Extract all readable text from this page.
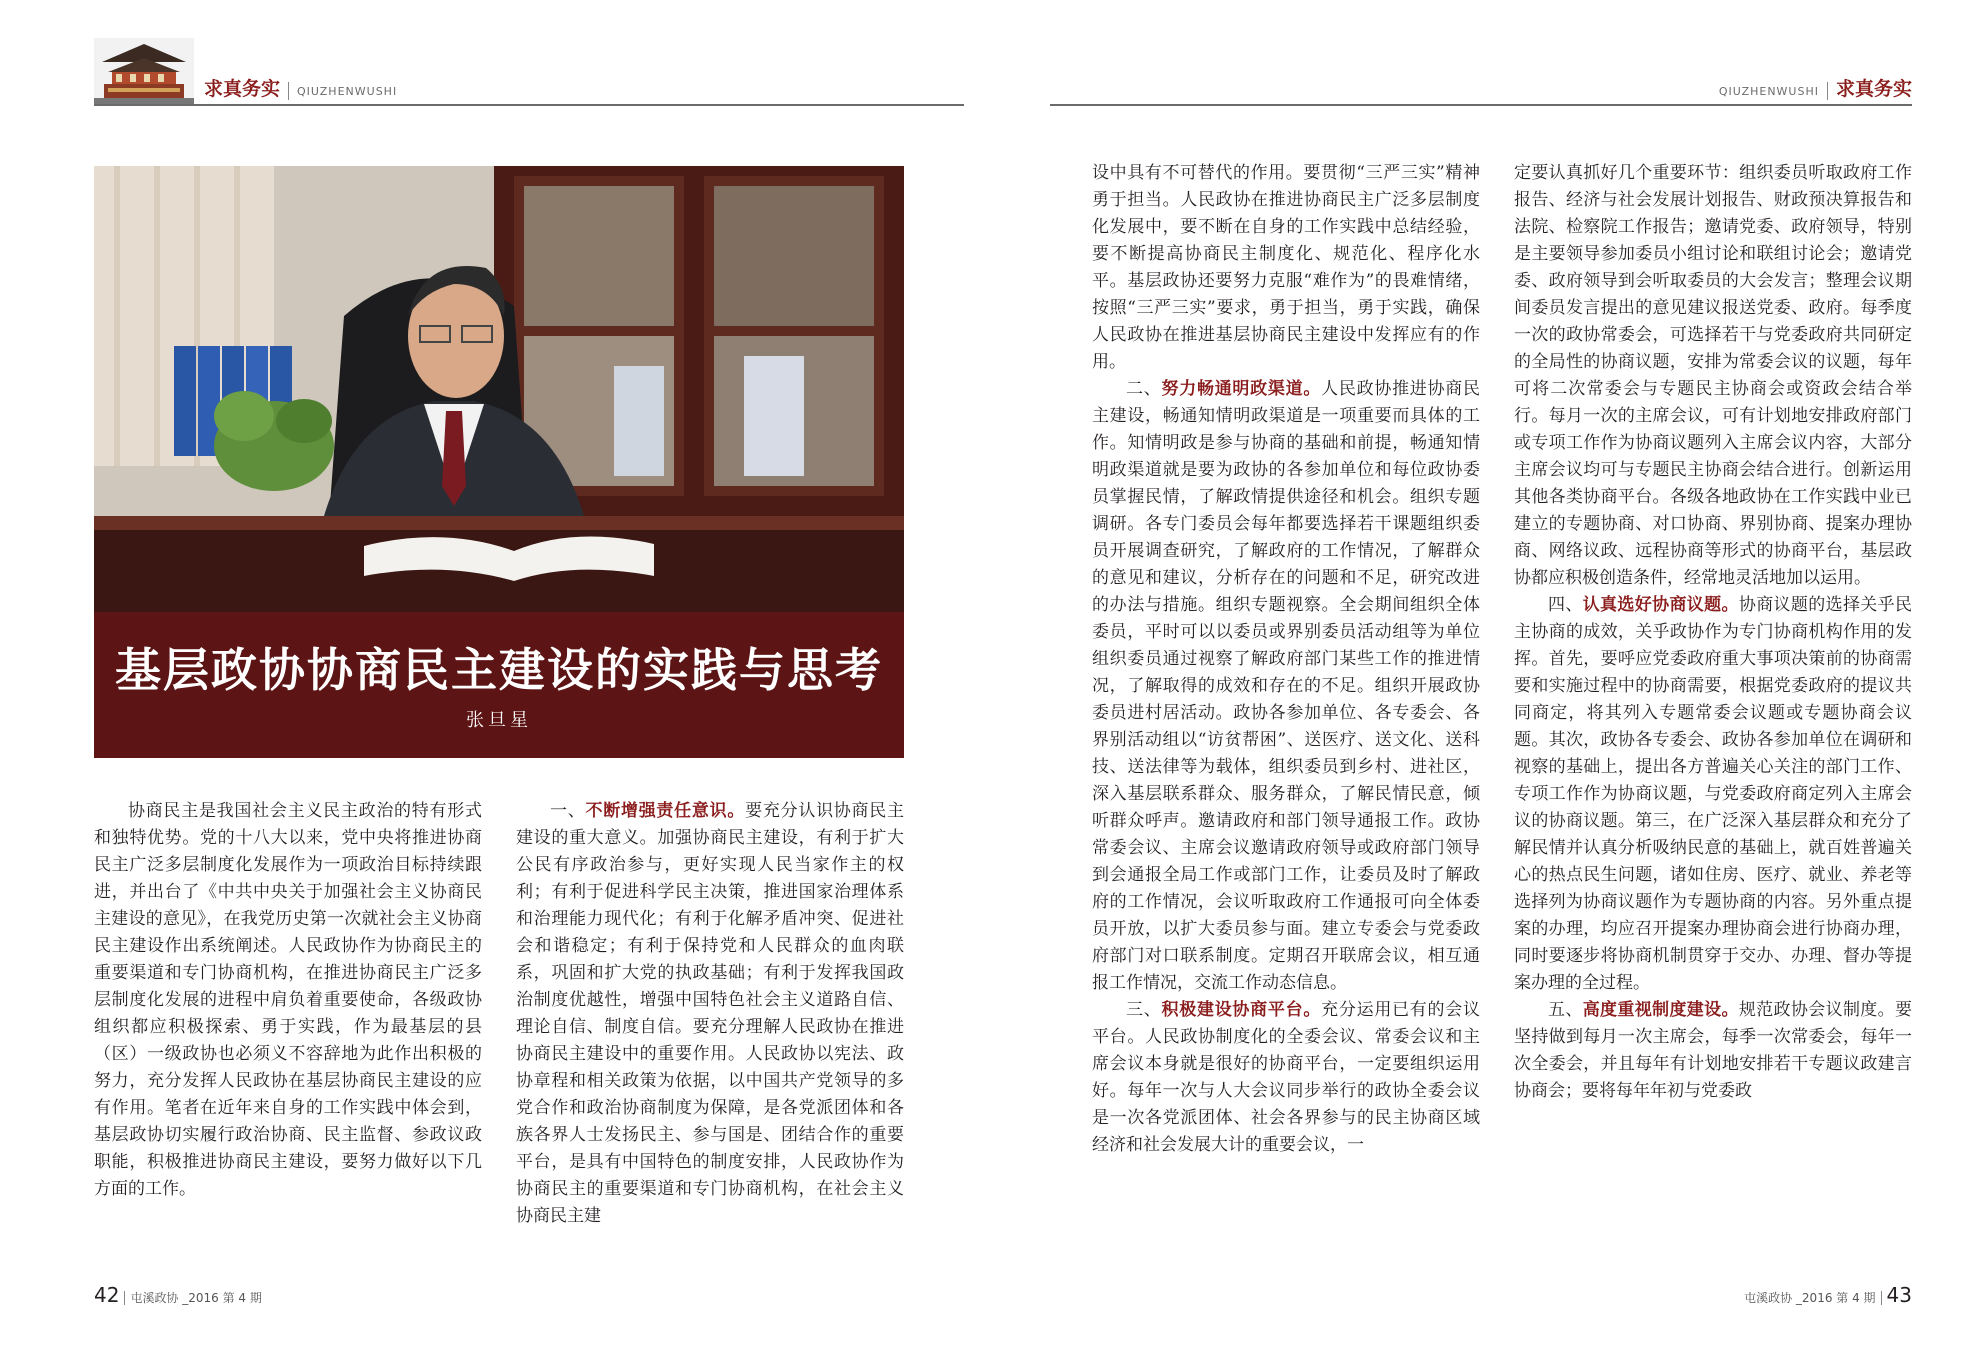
求真务实 QIUZHENWUSHI	QIUZHENWUSHI 求真务实
基层政协协商民主建设的实践与思考
张旦星

协商民主是我国社会主义民主政治的特有形式和独特优势。党的十八大以来，党中央将推进协商民主广泛多层制度化发展作为一项政治目标持续跟进，并出台了《中共中央关于加强社会主义协商民主建设的意见》，在我党历史第一次就社会主义协商民主建设作出系统阐述。人民政协作为协商民主的重要渠道和专门协商机构，在推进协商民主广泛多层制度化发展的进程中肩负着重要使命，各级政协组织都应积极探索、勇于实践，作为最基层的县（区）一级政协也必须义不容辞地为此作出积极的努力，充分发挥人民政协在基层协商民主建设的应有作用。笔者在近年来自身的工作实践中体会到，基层政协切实履行政治协商、民主监督、参政议政职能，积极推进协商民主建设，要努力做好以下几方面的工作。

一、不断增强责任意识。要充分认识协商民主建设的重大意义。加强协商民主建设，有利于扩大公民有序政治参与，更好实现人民当家作主的权利；有利于促进科学民主决策，推进国家治理体系和治理能力现代化；有利于化解矛盾冲突、促进社会和谐稳定；有利于保持党和人民群众的血肉联系，巩固和扩大党的执政基础；有利于发挥我国政治制度优越性，增强中国特色社会主义道路自信、理论自信、制度自信。要充分理解人民政协在推进协商民主建设中的重要作用。人民政协以宪法、政协章程和相关政策为依据，以中国共产党领导的多党合作和政治协商制度为保障，是各党派团体和各族各界人士发扬民主、参与国是、团结合作的重要平台，是具有中国特色的制度安排，人民政协作为协商民主的重要渠道和专门协商机构，在社会主义协商民主建

设中具有不可替代的作用。要贯彻“三严三实”精神勇于担当。人民政协在推进协商民主广泛多层制度化发展中，要不断在自身的工作实践中总结经验，要不断提高协商民主制度化、规范化、程序化水平。基层政协还要努力克服“难作为”的畏难情绪，按照“三严三实”要求，勇于担当，勇于实践，确保人民政协在推进基层协商民主建设中发挥应有的作用。

二、努力畅通明政渠道。人民政协推进协商民主建设，畅通知情明政渠道是一项重要而具体的工作。知情明政是参与协商的基础和前提，畅通知情明政渠道就是要为政协的各参加单位和每位政协委员掌握民情，了解政情提供途径和机会。组织专题调研。各专门委员会每年都要选择若干课题组织委员开展调查研究，了解政府的工作情况，了解群众的意见和建议，分析存在的问题和不足，研究改进的办法与措施。组织专题视察。全会期间组织全体委员，平时可以以委员或界别委员活动组等为单位组织委员通过视察了解政府部门某些工作的推进情况，了解取得的成效和存在的不足。组织开展政协委员进村居活动。政协各参加单位、各专委会、各界别活动组以“访贫帮困”、送医疗、送文化、送科技、送法律等为载体，组织委员到乡村、进社区，深入基层联系群众、服务群众，了解民情民意，倾听群众呼声。邀请政府和部门领导通报工作。政协常委会议、主席会议邀请政府领导或政府部门领导到会通报全局工作或部门工作，让委员及时了解政府的工作情况，会议听取政府工作通报可向全体委员开放，以扩大委员参与面。建立专委会与党委政府部门对口联系制度。定期召开联席会议，相互通报工作情况，交流工作动态信息。

三、积极建设协商平台。充分运用已有的会议平台。人民政协制度化的全委会议、常委会议和主席会议本身就是很好的协商平台，一定要组织运用好。每年一次与人大会议同步举行的政协全委会议是一次各党派团体、社会各界参与的民主协商区域经济和社会发展大计的重要会议，一

定要认真抓好几个重要环节：组织委员听取政府工作报告、经济与社会发展计划报告、财政预决算报告和法院、检察院工作报告；邀请党委、政府领导，特别是主要领导参加委员小组讨论和联组讨论会；邀请党委、政府领导到会听取委员的大会发言；整理会议期间委员发言提出的意见建议报送党委、政府。每季度一次的政协常委会，可选择若干与党委政府共同研定的全局性的协商议题，安排为常委会议的议题，每年可将二次常委会与专题民主协商会或资政会结合举行。每月一次的主席会议，可有计划地安排政府部门或专项工作作为协商议题列入主席会议内容，大部分主席会议均可与专题民主协商会结合进行。创新运用其他各类协商平台。各级各地政协在工作实践中业已建立的专题协商、对口协商、界别协商、提案办理协商、网络议政、远程协商等形式的协商平台，基层政协都应积极创造条件，经常地灵活地加以运用。

四、认真选好协商议题。协商议题的选择关乎民主协商的成效，关乎政协作为专门协商机构作用的发挥。首先，要呼应党委政府重大事项决策前的协商需要和实施过程中的协商需要，根据党委政府的提议共同商定，将其列入专题常委会议题或专题协商会议题。其次，政协各专委会、政协各参加单位在调研和视察的基础上，提出各方普遍关心关注的部门工作、专项工作作为协商议题，与党委政府商定列入主席会议的协商议题。第三，在广泛深入基层群众和充分了解民情并认真分析吸纳民意的基础上，就百姓普遍关心的热点民生问题，诸如住房、医疗、就业、养老等选择列为协商议题作为专题协商的内容。另外重点提案的办理，均应召开提案办理协商会进行协商办理，同时要逐步将协商机制贯穿于交办、办理、督办等提案办理的全过程。

五、高度重视制度建设。规范政协会议制度。要坚持做到每月一次主席会，每季一次常委会，每年一次全委会，并且每年有计划地安排若干专题议政建言协商会；要将每年年初与党委政

42 屯溪政协 _2016 第 4 期	屯溪政协 _2016 第 4 期 43
